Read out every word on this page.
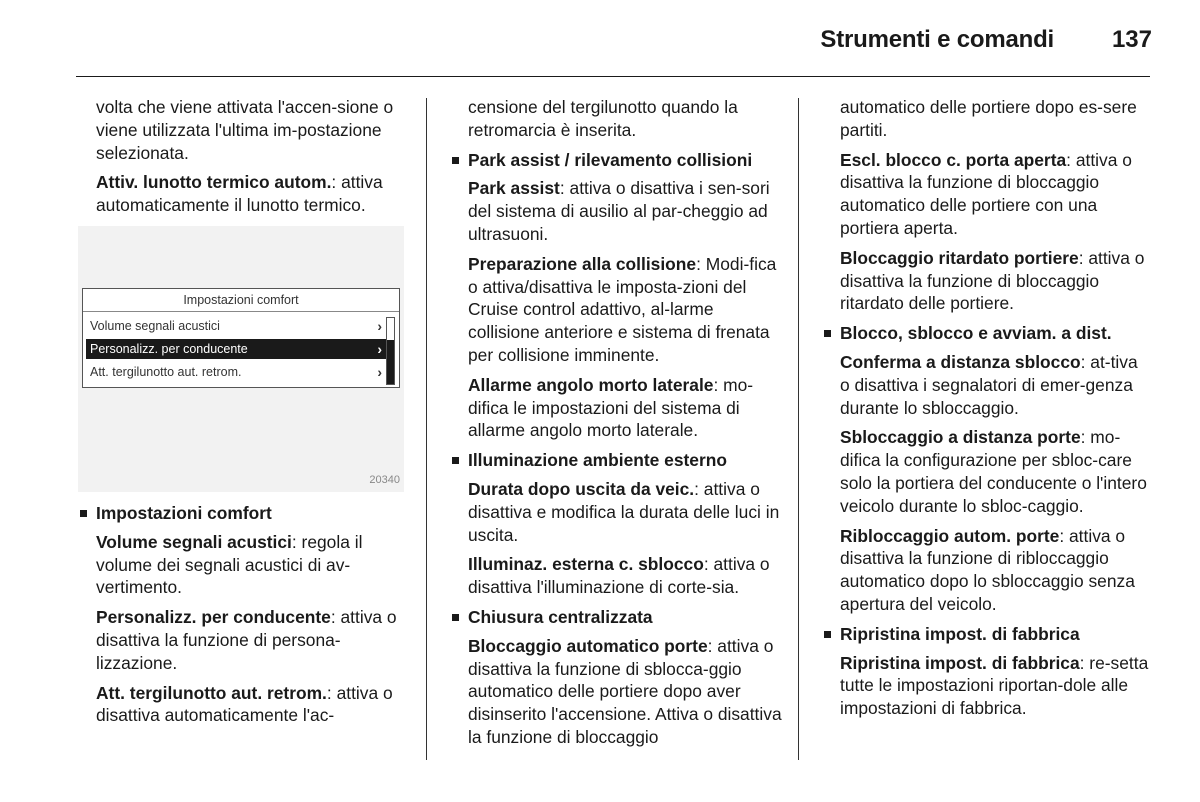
Strumenti e comandi 137

volta che viene attivata l'accen-sione o viene utilizzata l'ultima im-postazione selezionata.

Attiv. lunotto termico autom.: attiva automaticamente il lunotto termico.

Impostazioni comfort
Volume segnali acustici	›
Personalizz. per conducente	›
Att. tergilunotto aut. retrom.	›
20340

Impostazioni comfort

Volume segnali acustici: regola il volume dei segnali acustici di av-vertimento.

Personalizz. per conducente: attiva o disattiva la funzione di persona-lizzazione.

Att. tergilunotto aut. retrom.: attiva o disattiva automaticamente l'ac-

censione del tergilunotto quando la retromarcia è inserita.

Park assist / rilevamento collisioni

Park assist: attiva o disattiva i sen-sori del sistema di ausilio al par-cheggio ad ultrasuoni.

Preparazione alla collisione: Modi-fica o attiva/disattiva le imposta-zioni del Cruise control adattivo, al-larme collisione anteriore e sistema di frenata per collisione imminente.

Allarme angolo morto laterale: mo-difica le impostazioni del sistema di allarme angolo morto laterale.

Illuminazione ambiente esterno

Durata dopo uscita da veic.: attiva o disattiva e modifica la durata delle luci in uscita.

Illuminaz. esterna c. sblocco: attiva o disattiva l'illuminazione di corte-sia.

Chiusura centralizzata

Bloccaggio automatico porte: attiva o disattiva la funzione di sblocca-ggio automatico delle portiere dopo aver disinserito l'accensione. Attiva o disattiva la funzione di bloccaggio

automatico delle portiere dopo es-sere partiti.

Escl. blocco c. porta aperta: attiva o disattiva la funzione di bloccaggio automatico delle portiere con una portiera aperta.

Bloccaggio ritardato portiere: attiva o disattiva la funzione di bloccaggio ritardato delle portiere.

Blocco, sblocco e avviam. a dist.

Conferma a distanza sblocco: at-tiva o disattiva i segnalatori di emer-genza durante lo sbloccaggio.

Sbloccaggio a distanza porte: mo-difica la configurazione per sbloc-care solo la portiera del conducente o l'intero veicolo durante lo sbloc-caggio.

Ribloccaggio autom. porte: attiva o disattiva la funzione di ribloccaggio automatico dopo lo sbloccaggio senza apertura del veicolo.

Ripristina impost. di fabbrica

Ripristina impost. di fabbrica: re-setta tutte le impostazioni riportan-dole alle impostazioni di fabbrica.
